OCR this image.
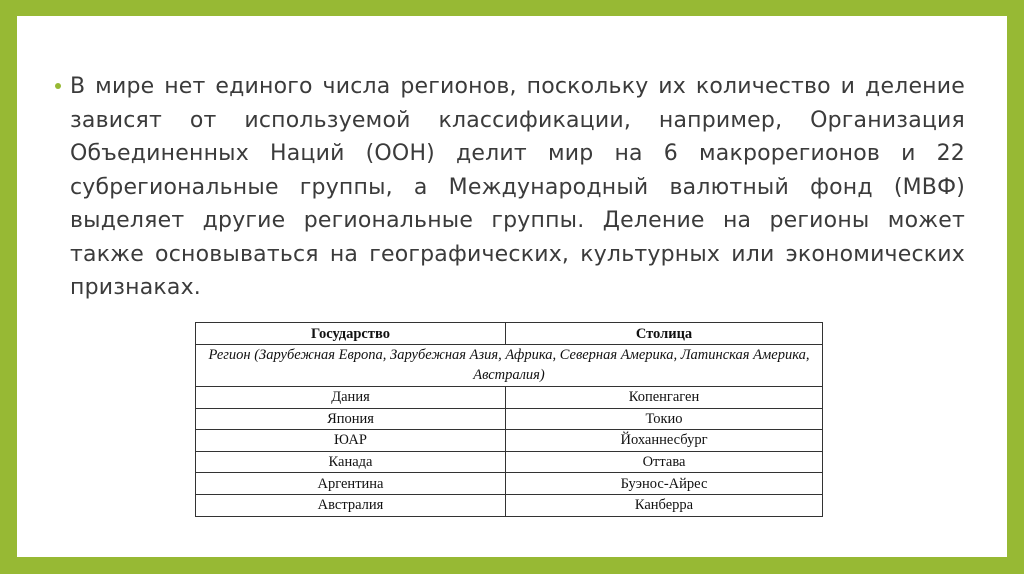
В мире нет единого числа регионов, поскольку их количество и деление зависят от используемой классификации, например, Организация Объединенных Наций (ООН) делит мир на 6 макрорегионов и 22 субрегиональные группы, а Международный валютный фонд (МВФ) выделяет другие региональные группы. Деление на регионы может также основываться на географических, культурных или экономических признаках.

Государство	Столица
Регион (Зарубежная Европа, Зарубежная Азия, Африка, Северная Америка, Латинская Америка, Австралия)	
Дания	Копенгаген
Япония	Токио
ЮАР	Йоханнесбург
Канада	Оттава
Аргентина	Буэнос-Айрес
Австралия	Канберра
